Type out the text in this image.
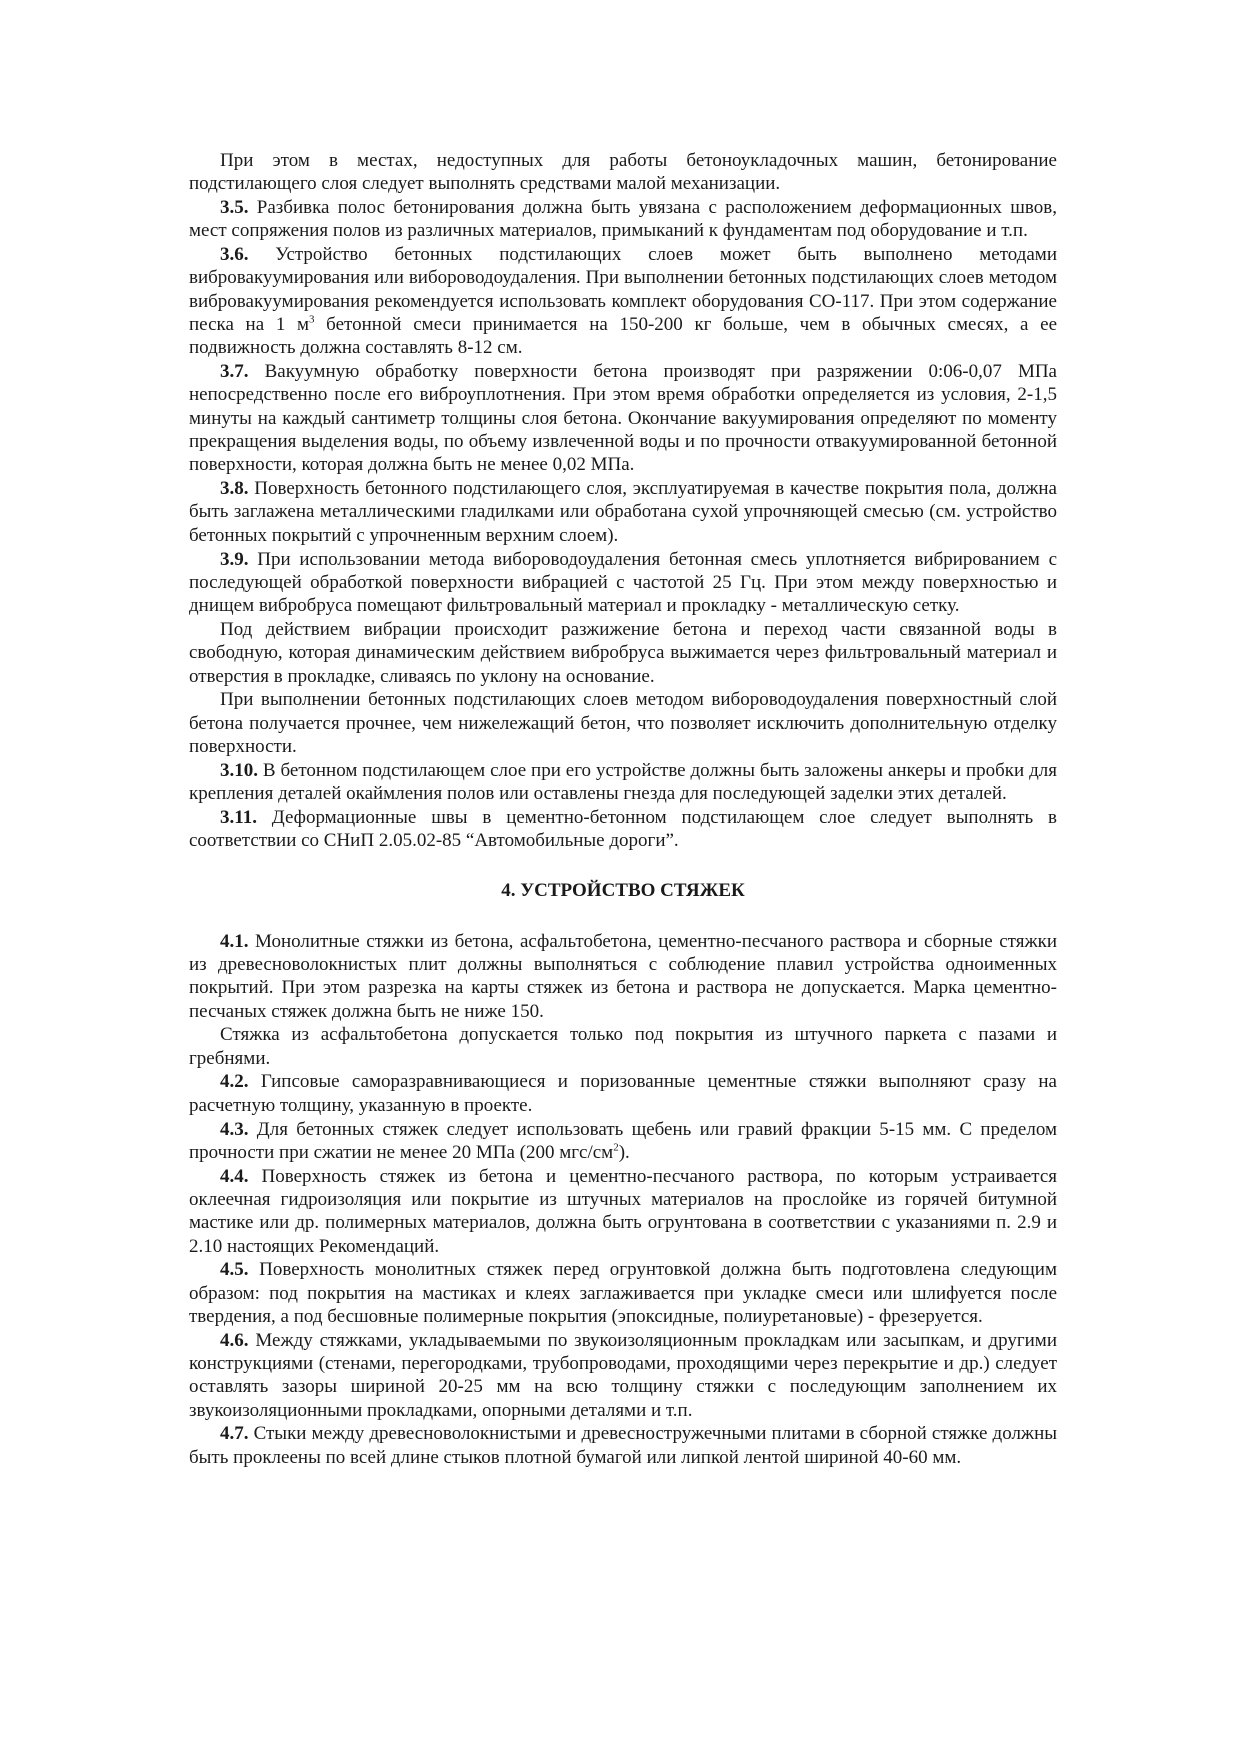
При этом в местах, недоступных для работы бетоноукладочных машин, бетонирование подстилающего слоя следует выполнять средствами малой механизации.

3.5. Разбивка полос бетонирования должна быть увязана с расположением деформационных швов, мест сопряжения полов из различных материалов, примыканий к фундаментам под оборудование и т.п.

3.6. Устройство бетонных подстилающих слоев может быть выполнено методами вибровакуумирования или вибороводоудаления. При выполнении бетонных подстилающих слоев методом вибровакуумирования рекомендуется использовать комплект оборудования СО-117. При этом содержание песка на 1 $м^3$ бетонной смеси принимается на 150-200 кг больше, чем в обычных смесях, а ее подвижность должна составлять 8-12 см.

3.7. Вакуумную обработку поверхности бетона производят при разряжении 0:06-0,07 МПа непосредственно после его виброуплотнения. При этом время обработки определяется из условия, 2-1,5 минуты на каждый сантиметр толщины слоя бетона. Окончание вакуумирования определяют по моменту прекращения выделения воды, по объему извлеченной воды и по прочности отвакуумированной бетонной поверхности, которая должна быть не менее 0,02 МПа.

3.8. Поверхность бетонного подстилающего слоя, эксплуатируемая в качестве покрытия пола, должна быть заглажена металлическими гладилками или обработана сухой упрочняющей смесью (см. устройство бетонных покрытий с упрочненным верхним слоем).

3.9. При использовании метода вибороводоудаления бетонная смесь уплотняется вибрированием с последующей обработкой поверхности вибрацией с частотой 25 Гц. При этом между поверхностью и днищем вибробруса помещают фильтровальный материал и прокладку - металлическую сетку.

Под действием вибрации происходит разжижение бетона и переход части связанной воды в свободную, которая динамическим действием вибробруса выжимается через фильтровальный материал и отверстия в прокладке, сливаясь по уклону на основание.

При выполнении бетонных подстилающих слоев методом вибороводоудаления поверхностный слой бетона получается прочнее, чем нижележащий бетон, что позволяет исключить дополнительную отделку поверхности.

3.10. В бетонном подстилающем слое при его устройстве должны быть заложены анкеры и пробки для крепления деталей окаймления полов или оставлены гнезда для последующей заделки этих деталей.

3.11. Деформационные швы в цементно-бетонном подстилающем слое следует выполнять в соответствии со СНиП 2.05.02-85 “Автомобильные дороги”.

4. УСТРОЙСТВО СТЯЖЕК

4.1. Монолитные стяжки из бетона, асфальтобетона, цементно-песчаного раствора и сборные стяжки из древесноволокнистых плит должны выполняться с соблюдение плавил устройства одноименных покрытий. При этом разрезка на карты стяжек из бетона и раствора не допускается. Марка цементно-песчаных стяжек должна быть не ниже 150.

Стяжка из асфальтобетона допускается только под покрытия из штучного паркета с пазами и гребнями.

4.2. Гипсовые саморазравнивающиеся и поризованные цементные стяжки выполняют сразу на расчетную толщину, указанную в проекте.

4.3. Для бетонных стяжек следует использовать щебень или гравий фракции 5-15 мм. С пределом прочности при сжатии не менее 20 МПа (200 мгс/$см^2$).

4.4. Поверхность стяжек из бетона и цементно-песчаного раствора, по которым устраивается оклеечная гидроизоляция или покрытие из штучных материалов на прослойке из горячей битумной мастике или др. полимерных материалов, должна быть огрунтована в соответствии с указаниями п. 2.9 и 2.10 настоящих Рекомендаций.

4.5. Поверхность монолитных стяжек перед огрунтовкой должна быть подготовлена следующим образом: под покрытия на мастиках и клеях заглаживается при укладке смеси или шлифуется после твердения, а под бесшовные полимерные покрытия (эпоксидные, полиуретановые) - фрезеруется.

4.6. Между стяжками, укладываемыми по звукоизоляционным прокладкам или засыпкам, и другими конструкциями (стенами, перегородками, трубопроводами, проходящими через перекрытие и др.) следует оставлять зазоры шириной 20-25 мм на всю толщину стяжки с последующим заполнением их звукоизоляционными прокладками, опорными деталями и т.п.

4.7. Стыки между древесноволокнистыми и древесностружечными плитами в сборной стяжке должны быть проклеены по всей длине стыков плотной бумагой или липкой лентой шириной 40-60 мм.
